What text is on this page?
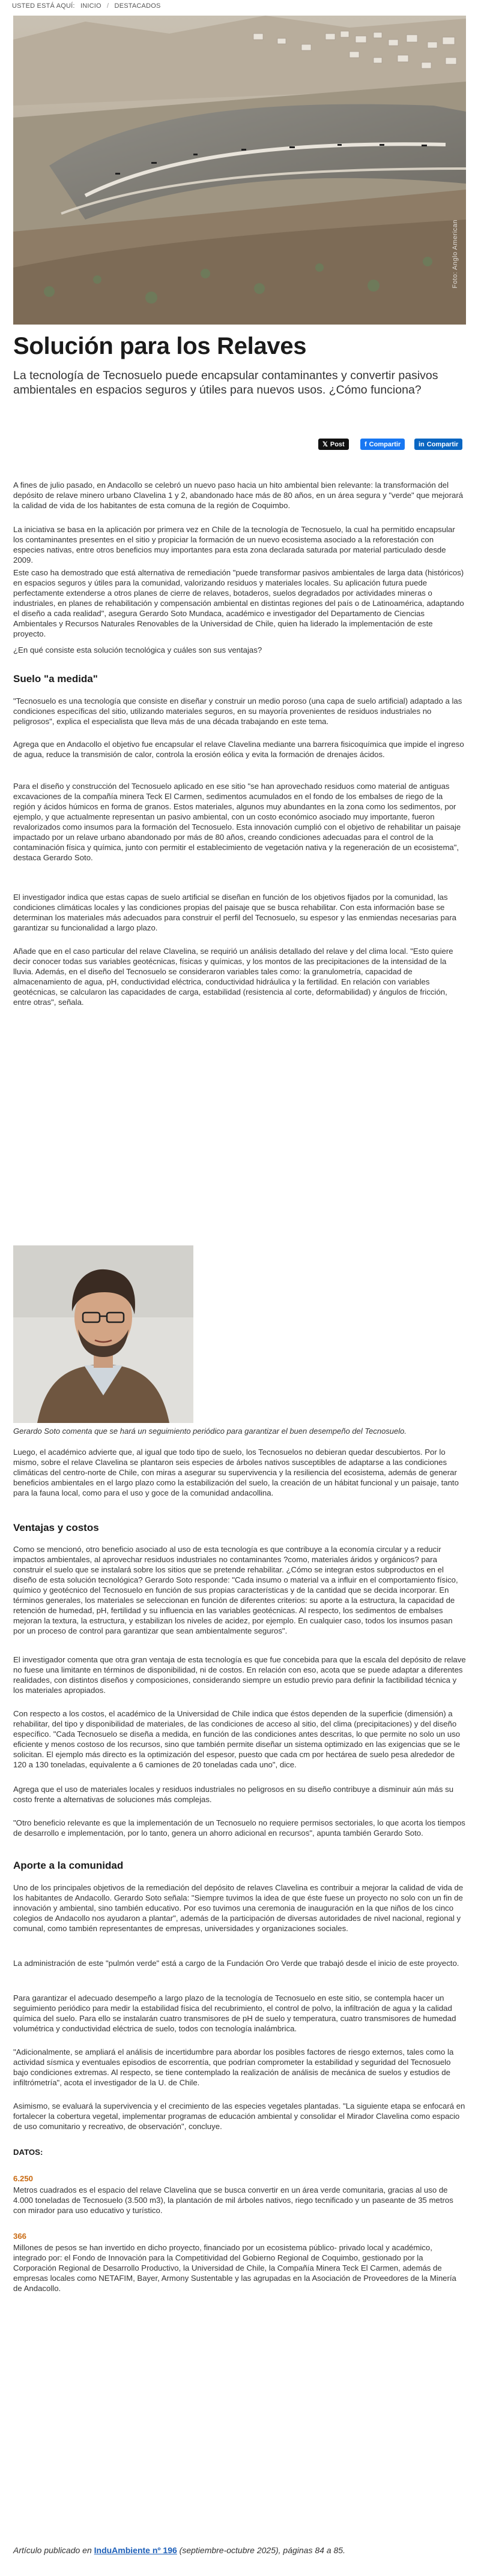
USTED ESTÁ AQUÍ: INICIO / DESTACADOS
Foto: Anglo American
Solución para los Relaves

La tecnología de Tecnosuelo puede encapsular contaminantes y convertir pasivos ambientales en espacios seguros y útiles para nuevos usos. ¿Cómo funciona?

𝕏 Post	f Compartir	in Compartir

A fines de julio pasado, en Andacollo se celebró un nuevo paso hacia un hito ambiental bien relevante: la transformación del depósito de relave minero urbano Clavelina 1 y 2, abandonado hace más de 80 años, en un área segura y "verde" que mejorará la calidad de vida de los habitantes de esta comuna de la región de Coquimbo.

La iniciativa se basa en la aplicación por primera vez en Chile de la tecnología de Tecnosuelo, la cual ha permitido encapsular los contaminantes presentes en el sitio y propiciar la formación de un nuevo ecosistema asociado a la reforestación con especies nativas, entre otros beneficios muy importantes para esta zona declarada saturada por material particulado desde 2009.

Este caso ha demostrado que está alternativa de remediación "puede transformar pasivos ambientales de larga data (históricos) en espacios seguros y útiles para la comunidad, valorizando residuos y materiales locales. Su aplicación futura puede perfectamente extenderse a otros planes de cierre de relaves, botaderos, suelos degradados por actividades mineras o industriales, en planes de rehabilitación y compensación ambiental en distintas regiones del país o de Latinoamérica, adaptando el diseño a cada realidad", asegura Gerardo Soto Mundaca, académico e investigador del Departamento de Ciencias Ambientales y Recursos Naturales Renovables de la Universidad de Chile, quien ha liderado la implementación de este proyecto.

¿En qué consiste esta solución tecnológica y cuáles son sus ventajas?

Suelo "a medida"

"Tecnosuelo es una tecnología que consiste en diseñar y construir un medio poroso (una capa de suelo artificial) adaptado a las condiciones específicas del sitio, utilizando materiales seguros, en su mayoría provenientes de residuos industriales no peligrosos", explica el especialista que lleva más de una década trabajando en este tema.

Agrega que en Andacollo el objetivo fue encapsular el relave Clavelina mediante una barrera fisicoquímica que impide el ingreso de agua, reduce la transmisión de calor, controla la erosión eólica y evita la formación de drenajes ácidos.

Para el diseño y construcción del Tecnosuelo aplicado en ese sitio "se han aprovechado residuos como material de antiguas excavaciones de la compañía minera Teck El Carmen, sedimentos acumulados en el fondo de los embalses de riego de la región y ácidos húmicos en forma de granos. Estos materiales, algunos muy abundantes en la zona como los sedimentos, por ejemplo, y que actualmente representan un pasivo ambiental, con un costo económico asociado muy importante, fueron revalorizados como insumos para la formación del Tecnosuelo. Esta innovación cumplió con el objetivo de rehabilitar un paisaje impactado por un relave urbano abandonado por más de 80 años, creando condiciones adecuadas para el control de la contaminación física y química, junto con permitir el establecimiento de vegetación nativa y la regeneración de un ecosistema", destaca Gerardo Soto.

El investigador indica que estas capas de suelo artificial se diseñan en función de los objetivos fijados por la comunidad, las condiciones climáticas locales y las condiciones propias del paisaje que se busca rehabilitar. Con esta información base se determinan los materiales más adecuados para construir el perfil del Tecnosuelo, su espesor y las enmiendas necesarias para garantizar su funcionalidad a largo plazo.

Añade que en el caso particular del relave Clavelina, se requirió un análisis detallado del relave y del clima local. "Esto quiere decir conocer todas sus variables geotécnicas, físicas y químicas, y los montos de las precipitaciones de la intensidad de la lluvia. Además, en el diseño del Tecnosuelo se consideraron variables tales como: la granulometría, capacidad de almacenamiento de agua, pH, conductividad eléctrica, conductividad hidráulica y la fertilidad. En relación con variables geotécnicas, se calcularon las capacidades de carga, estabilidad (resistencia al corte, deformabilidad) y ángulos de fricción, entre otras", señala.

Gerardo Soto comenta que se hará un seguimiento periódico para garantizar el buen desempeño del Tecnosuelo.

Luego, el académico advierte que, al igual que todo tipo de suelo, los Tecnosuelos no debieran quedar descubiertos. Por lo mismo, sobre el relave Clavelina se plantaron seis especies de árboles nativos susceptibles de adaptarse a las condiciones climáticas del centro-norte de Chile, con miras a asegurar su supervivencia y la resiliencia del ecosistema, además de generar beneficios ambientales en el largo plazo como la estabilización del suelo, la creación de un hábitat funcional y un paisaje, tanto para la fauna local, como para el uso y goce de la comunidad andacollina.

Ventajas y costos

Como se mencionó, otro beneficio asociado al uso de esta tecnología es que contribuye a la economía circular y a reducir impactos ambientales, al aprovechar residuos industriales no contaminantes ?como, materiales áridos y orgánicos? para construir el suelo que se instalará sobre los sitios que se pretende rehabilitar. ¿Cómo se integran estos subproductos en el diseño de esta solución tecnológica? Gerardo Soto responde: "Cada insumo o material va a influir en el comportamiento físico, químico y geotécnico del Tecnosuelo en función de sus propias características y de la cantidad que se decida incorporar. En términos generales, los materiales se seleccionan en función de diferentes criterios: su aporte a la estructura, la capacidad de retención de humedad, pH, fertilidad y su influencia en las variables geotécnicas. Al respecto, los sedimentos de embalses mejoran la textura, la estructura, y estabilizan los niveles de acidez, por ejemplo. En cualquier caso, todos los insumos pasan por un proceso de control para garantizar que sean ambientalmente seguros".

El investigador comenta que otra gran ventaja de esta tecnología es que fue concebida para que la escala del depósito de relave no fuese una limitante en términos de disponibilidad, ni de costos. En relación con eso, acota que se puede adaptar a diferentes realidades, con distintos diseños y composiciones, considerando siempre un estudio previo para definir la factibilidad técnica y los materiales apropiados.

Con respecto a los costos, el académico de la Universidad de Chile indica que éstos dependen de la superficie (dimensión) a rehabilitar, del tipo y disponibilidad de materiales, de las condiciones de acceso al sitio, del clima (precipitaciones) y del diseño específico. "Cada Tecnosuelo se diseña a medida, en función de las condiciones antes descritas, lo que permite no solo un uso eficiente y menos costoso de los recursos, sino que también permite diseñar un sistema optimizado en las exigencias que se le solicitan. El ejemplo más directo es la optimización del espesor, puesto que cada cm por hectárea de suelo pesa alrededor de 120 a 130 toneladas, equivalente a 6 camiones de 20 toneladas cada uno", dice.

Agrega que el uso de materiales locales y residuos industriales no peligrosos en su diseño contribuye a disminuir aún más su costo frente a alternativas de soluciones más complejas.

"Otro beneficio relevante es que la implementación de un Tecnosuelo no requiere permisos sectoriales, lo que acorta los tiempos de desarrollo e implementación, por lo tanto, genera un ahorro adicional en recursos", apunta también Gerardo Soto.

Aporte a la comunidad

Uno de los principales objetivos de la remediación del depósito de relaves Clavelina es contribuir a mejorar la calidad de vida de los habitantes de Andacollo. Gerardo Soto señala: "Siempre tuvimos la idea de que éste fuese un proyecto no solo con un fin de innovación y ambiental, sino también educativo. Por eso tuvimos una ceremonia de inauguración en la que niños de los cinco colegios de Andacollo nos ayudaron a plantar", además de la participación de diversas autoridades de nivel nacional, regional y comunal, como también representantes de empresas, universidades y organizaciones sociales.

La administración de este "pulmón verde" está a cargo de la Fundación Oro Verde que trabajó desde el inicio de este proyecto.

Para garantizar el adecuado desempeño a largo plazo de la tecnología de Tecnosuelo en este sitio, se contempla hacer un seguimiento periódico para medir la estabilidad física del recubrimiento, el control de polvo, la infiltración de agua y la calidad química del suelo. Para ello se instalarán cuatro transmisores de pH de suelo y temperatura, cuatro transmisores de humedad volumétrica y conductividad eléctrica de suelo, todos con tecnología inalámbrica.

"Adicionalmente, se ampliará el análisis de incertidumbre para abordar los posibles factores de riesgo externos, tales como la actividad sísmica y eventuales episodios de escorrentía, que podrían comprometer la estabilidad y seguridad del Tecnosuelo bajo condiciones extremas. Al respecto, se tiene contemplado la realización de análisis de mecánica de suelos y estudios de infiltrómetría", acota el investigador de la U. de Chile.

Asimismo, se evaluará la supervivencia y el crecimiento de las especies vegetales plantadas. "La siguiente etapa se enfocará en fortalecer la cobertura vegetal, implementar programas de educación ambiental y consolidar el Mirador Clavelina como espacio de uso comunitario y recreativo, de observación", concluye.

DATOS:

6.250

Metros cuadrados es el espacio del relave Clavelina que se busca convertir en un área verde comunitaria, gracias al uso de 4.000 toneladas de Tecnosuelo (3.500 m3), la plantación de mil árboles nativos, riego tecnificado y un paseante de 35 metros con mirador para uso educativo y turístico.

366

Millones de pesos se han invertido en dicho proyecto, financiado por un ecosistema público- privado local y académico, integrado por: el Fondo de Innovación para la Competitividad del Gobierno Regional de Coquimbo, gestionado por la Corporación Regional de Desarrollo Productivo, la Universidad de Chile, la Compañía Minera Teck El Carmen, además de empresas locales como NETAFIM, Bayer, Armony Sustentable y las agrupadas en la Asociación de Proveedores de la Minería de Andacollo.

Artículo publicado en InduAmbiente nº 196 (septiembre-octubre 2025), páginas 84 a 85.
